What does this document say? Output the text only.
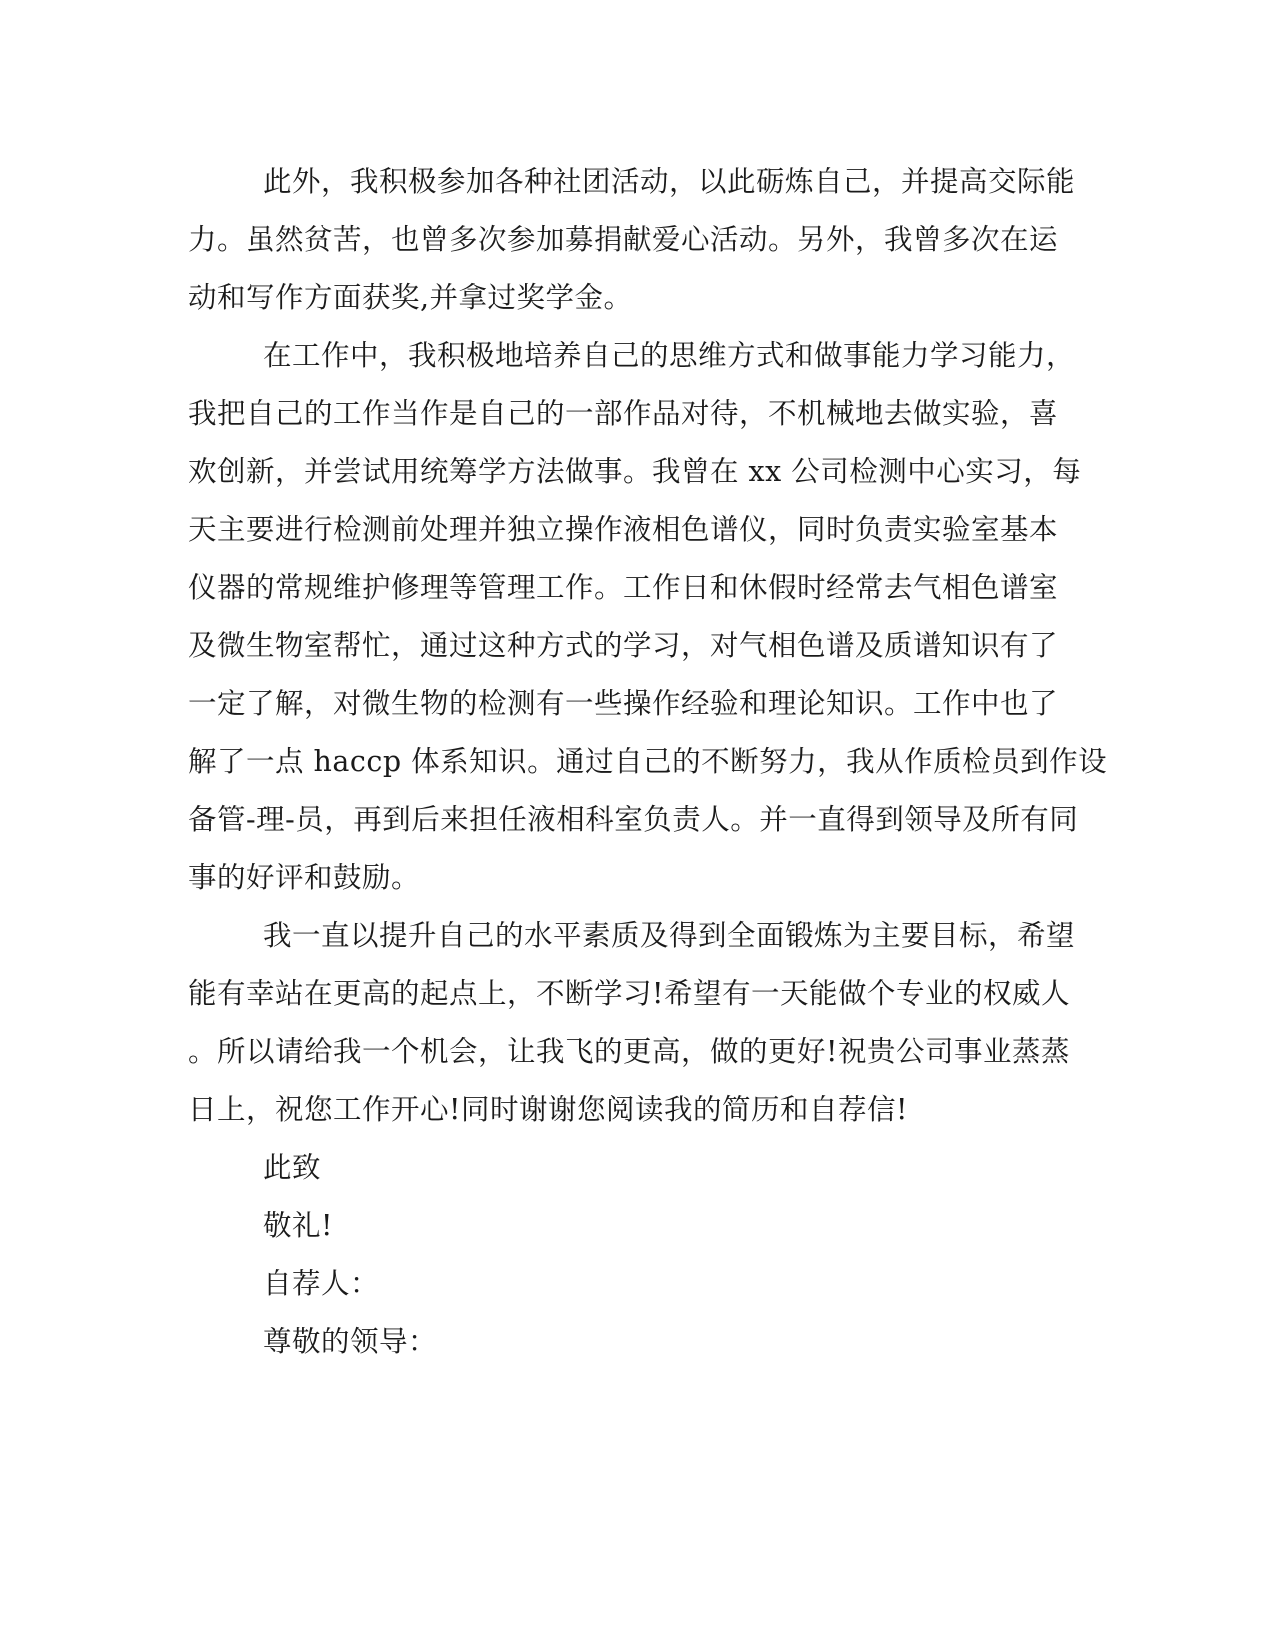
此外，我积极参加各种社团活动，以此砺炼自己，并提高交际能
力。虽然贫苦，也曾多次参加募捐献爱心活动。另外，我曾多次在运
动和写作方面获奖,并拿过奖学金。
在工作中，我积极地培养自己的思维方式和做事能力学习能力，
我把自己的工作当作是自己的一部作品对待，不机械地去做实验，喜
欢创新，并尝试用统筹学方法做事。我曾在 xx 公司检测中心实习，每
天主要进行检测前处理并独立操作液相色谱仪，同时负责实验室基本
仪器的常规维护修理等管理工作。工作日和休假时经常去气相色谱室
及微生物室帮忙，通过这种方式的学习，对气相色谱及质谱知识有了
一定了解，对微生物的检测有一些操作经验和理论知识。工作中也了
解了一点 haccp 体系知识。通过自己的不断努力，我从作质检员到作设
备管-理-员，再到后来担任液相科室负责人。并一直得到领导及所有同
事的好评和鼓励。
我一直以提升自己的水平素质及得到全面锻炼为主要目标，希望
能有幸站在更高的起点上，不断学习!希望有一天能做个专业的权威人
。所以请给我一个机会，让我飞的更高，做的更好!祝贵公司事业蒸蒸
日上，祝您工作开心!同时谢谢您阅读我的简历和自荐信!
此致
敬礼!
自荐人：
尊敬的领导：
